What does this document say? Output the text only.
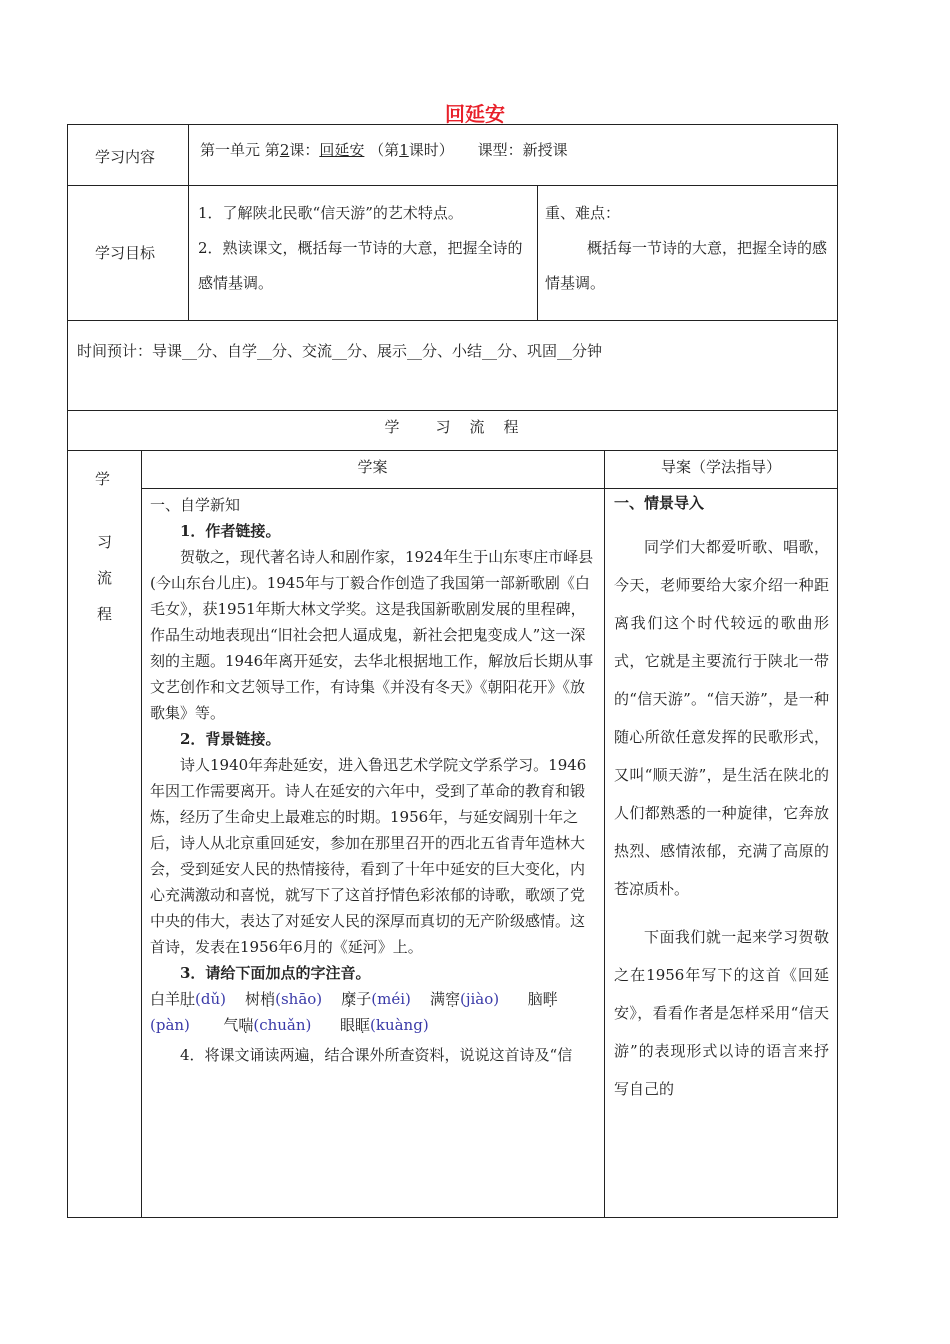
回延安
学习内容	第一单元 第2课：回延安 （第1课时） 课型：新授课
学习目标
1．了解陕北民歌“信天游”的艺术特点。
2．熟读课文，概括每一节诗的大意，把握全诗的感情基调。
重、难点：
概括每一节诗的大意，把握全诗的感情基调。
时间预计：导课__分、自学__分、交流__分、展示__分、小结__分、巩固__分钟
学　　习　流　程
学
习
流
程
学案	导案（学法指导）
一、自学新知
1．作者链接。

贺敬之，现代著名诗人和剧作家，1924年生于山东枣庄市峄县(今山东台儿庄)。1945年与丁毅合作创造了我国第一部新歌剧《白毛女》，获1951年斯大林文学奖。这是我国新歌剧发展的里程碑，作品生动地表现出“旧社会把人逼成鬼，新社会把鬼变成人”这一深刻的主题。1946年离开延安，去华北根据地工作，解放后长期从事文艺创作和文艺领导工作，有诗集《并没有冬天》《朝阳花开》《放歌集》等。

2．背景链接。

诗人1940年奔赴延安，进入鲁迅艺术学院文学系学习。1946年因工作需要离开。诗人在延安的六年中，受到了革命的教育和锻炼，经历了生命史上最难忘的时期。1956年，与延安阔别十年之后，诗人从北京重回延安，参加在那里召开的西北五省青年造林大会，受到延安人民的热情接待，看到了十年中延安的巨大变化，内心充满激动和喜悦，就写下了这首抒情色彩浓郁的诗歌，歌颂了党中央的伟大，表达了对延安人民的深厚而真切的无产阶级感情。这首诗，发表在1956年6月的《延河》上。

3．请给下面加点的字注音。
白羊肚 .(dǔ) 树梢 .(shāo) 糜 .子(méi) 满窖 .(jiào) 脑畔 .(pàn) 气喘 .(chuǎn) 眼眶 .(kuàng)

4．将课文诵读两遍，结合课外所查资料，说说这首诗及“信

一、情景导入

同学们大都爱听歌、唱歌，今天，老师要给大家介绍一种距离我们这个时代较远的歌曲形式，它就是主要流行于陕北一带的“信天游”。“信天游”，是一种随心所欲任意发挥的民歌形式，又叫“顺天游”，是生活在陕北的人们都熟悉的一种旋律，它奔放热烈、感情浓郁，充满了高原的苍凉质朴。

下面我们就一起来学习贺敬之在1956年写下的这首《回延安》，看看作者是怎样采用“信天游”的表现形式以诗的语言来抒写自己的
